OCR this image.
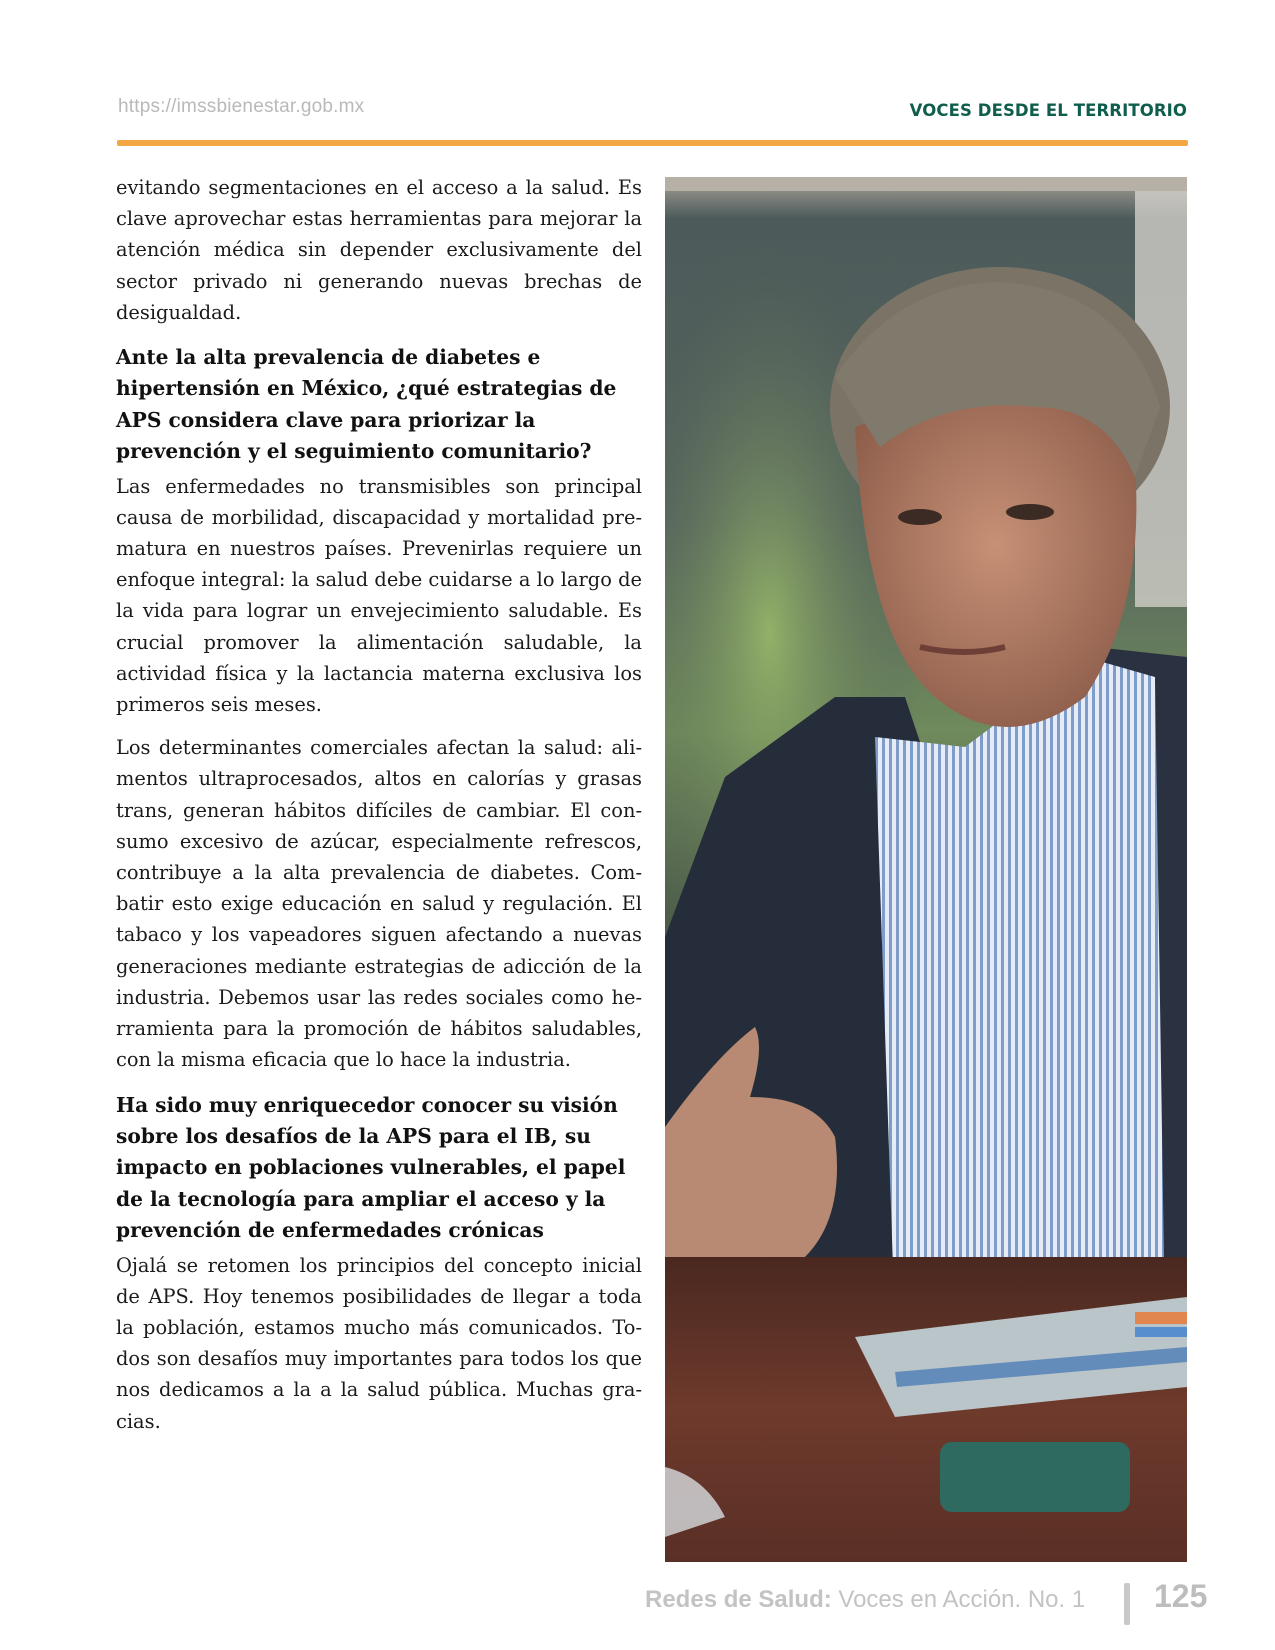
https://imssbienestar.gob.mx	VOCES DESDE EL TERRITORIO

evitando segmentaciones en el acceso a la salud. Es clave aprovechar estas herramientas para mejorar la atención médica sin depender exclusivamente del sector privado ni generando nuevas brechas de desigualdad.

Ante la alta prevalencia de diabetes e hipertensión en México, ¿qué estrategias de APS considera clave para priorizar la prevención y el seguimiento comunitario?

Las enfermedades no transmisibles son principal causa de morbilidad, discapacidad y mortalidad prematura en nuestros países. Prevenirlas requiere un enfoque integral: la salud debe cuidarse a lo largo de la vida para lograr un envejecimiento saludable. Es crucial promover la alimentación saludable, la actividad física y la lactancia materna exclusiva los primeros seis meses.

Los determinantes comerciales afectan la salud: alimentos ultraprocesados, altos en calorías y grasas trans, generan hábitos difíciles de cambiar. El consumo excesivo de azúcar, especialmente refrescos, contribuye a la alta prevalencia de diabetes. Combatir esto exige educación en salud y regulación. El tabaco y los vapeadores siguen afectando a nuevas generaciones mediante estrategias de adicción de la industria. Debemos usar las redes sociales como herramienta para la promoción de hábitos saludables, con la misma eficacia que lo hace la industria.

Ha sido muy enriquecedor conocer su visión sobre los desafíos de la APS para el IB, su impacto en poblaciones vulnerables, el papel de la tecnología para ampliar el acceso y la prevención de enfermedades crónicas

Ojalá se retomen los principios del concepto inicial de APS. Hoy tenemos posibilidades de llegar a toda la población, estamos mucho más comunicados. Todos son desafíos muy importantes para todos los que nos dedicamos a la a la salud pública. Muchas gracias.

Redes de Salud: Voces en Acción. No. 1 125
